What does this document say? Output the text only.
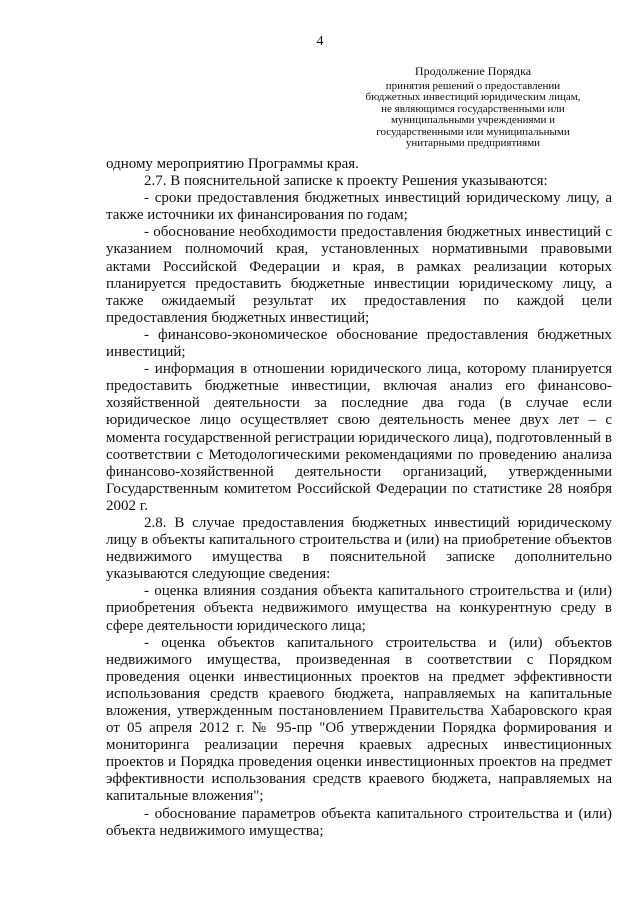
4
Продолжение Порядка
принятия решений о предоставлении
бюджетных инвестиций юридическим лицам,
не являющимся государственными или
муниципальными учреждениями и
государственными или муниципальными
унитарными предприятиями

одному мероприятию Программы края.

2.7. В пояснительной записке к проекту Решения указываются:

- сроки предоставления бюджетных инвестиций юридическому лицу, а также источники их финансирования по годам;

- обоснование необходимости предоставления бюджетных инвестиций с указанием полномочий края, установленных нормативными правовыми актами Российской Федерации и края, в рамках реализации которых планируется предоставить бюджетные инвестиции юридическому лицу, а также ожидаемый результат их предоставления по каждой цели предоставления бюджетных инвестиций;

- финансово-экономическое обоснование предоставления бюджетных инвестиций;

- информация в отношении юридического лица, которому планируется предоставить бюджетные инвестиции, включая анализ его финансово-хозяйственной деятельности за последние два года (в случае если юридическое лицо осуществляет свою деятельность менее двух лет – с момента государственной регистрации юридического лица), подготовленный в соответствии с Методологическими рекомендациями по проведению анализа финансово-хозяйственной деятельности организаций, утвержденными Государственным комитетом Российской Федерации по статистике 28 ноября 2002 г.

2.8. В случае предоставления бюджетных инвестиций юридическому лицу в объекты капитального строительства и (или) на приобретение объектов недвижимого имущества в пояснительной записке дополнительно указываются следующие сведения:

- оценка влияния создания объекта капитального строительства и (или) приобретения объекта недвижимого имущества на конкурентную среду в сфере деятельности юридического лица;

- оценка объектов капитального строительства и (или) объектов недвижимого имущества, произведенная в соответствии с Порядком проведения оценки инвестиционных проектов на предмет эффективности использования средств краевого бюджета, направляемых на капитальные вложения, утвержденным постановлением Правительства Хабаровского края от 05 апреля 2012 г. № 95-пр "Об утверждении Порядка формирования и мониторинга реализации перечня краевых адресных инвестиционных проектов и Порядка проведения оценки инвестиционных проектов на предмет эффективности использования средств краевого бюджета, направляемых на капитальные вложения";

- обоснование параметров объекта капитального строительства и (или) объекта недвижимого имущества;
